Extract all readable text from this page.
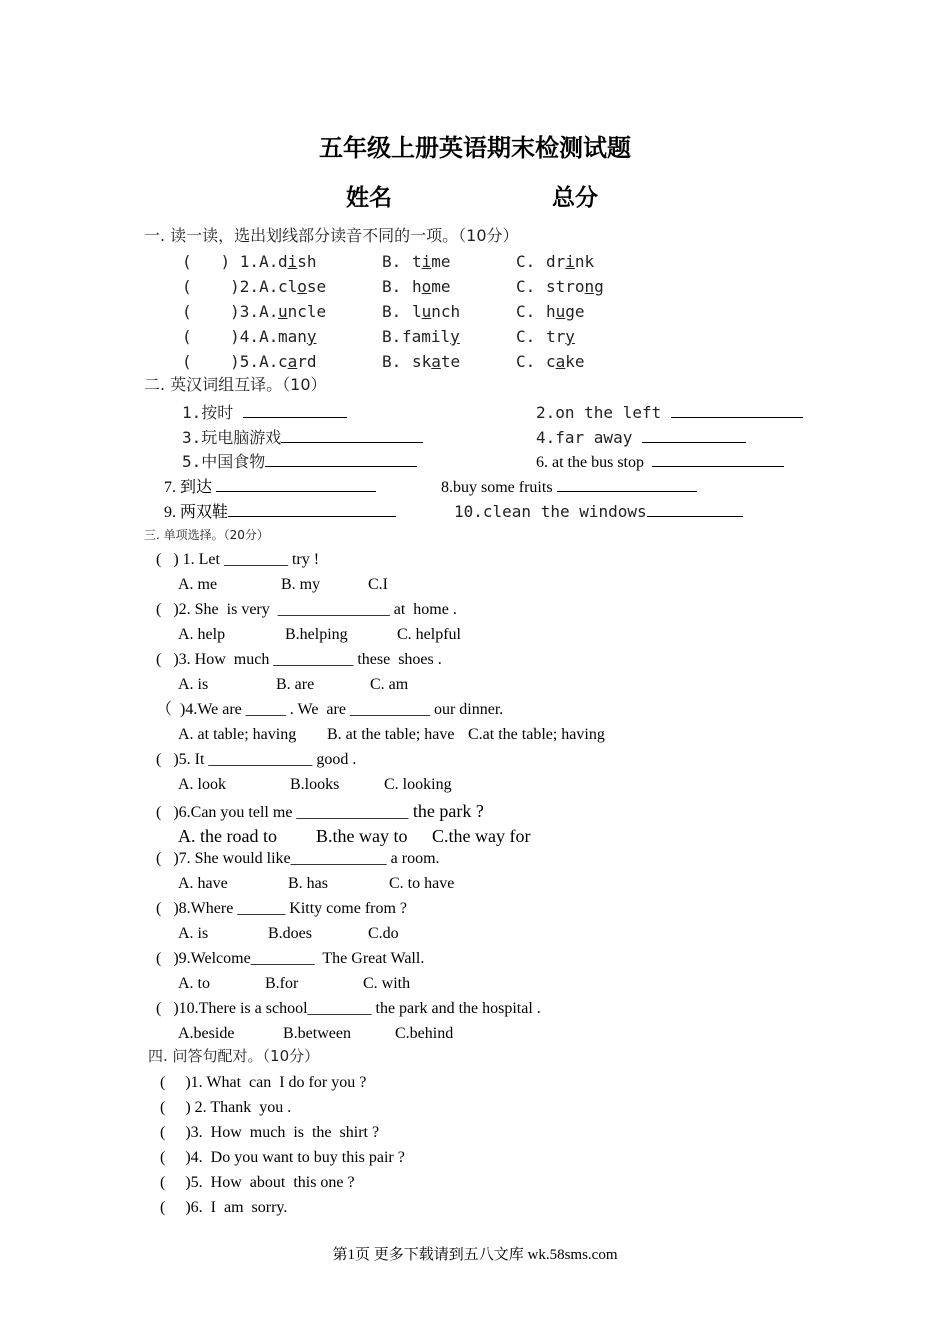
五年级上册英语期末检测试题
姓名	总分
一. 读一读，选出划线部分读音不同的一项。（10分）
(   ) 1.A. dish	B. time	C. drink
(    )2.A. close	B. home	C. strong
(    )3.A. uncle	B. lunch	C. huge
(    )4.A. many	B. family	C. try
(    )5.A. card	B. skate	C. cake
二. 英汉词组互译。（10）
1.按时	2.on the left
3.玩电脑游戏	4.far away
5.中国食物	6. at the bus stop
7. 到达	8.buy some fruits
9. 两双鞋	10.clean the windows
三. 单项选择。（20分）
(   ) 1. Let ________ try !
A. me	B. my	C.I
(   )2. She  is very  ______________ at  home .
A. help	B.helping	C. helpful
(   )3. How  much __________ these  shoes .
A. is	B. are	C. am
（  )4.We are _____ . We  are __________ our dinner.
A. at table; having B. at the table; have C.at the table; having
(   )5. It _____________ good .
A. look	B.looks	C. looking
(   )6.Can you tell me ______________ the park ?
A. the road to B.the way to C.the way for
(   )7. She would like____________ a room.
A. have	B. has	C. to have
(   )8.Where ______ Kitty come from ?
A. is	B.does	C.do
(   )9.Welcome________  The Great Wall.
A. to	B.for	C. with
(   )10.There is a school________ the park and the hospital .
A.beside	B.between	C.behind
四. 问答句配对。（10分）
(     )1. What  can  I do for you ?
(     ) 2. Thank  you .
(     )3.  How  much  is  the  shirt ?
(     )4.  Do you want to buy this pair ?
(     )5.  How  about  this one ?
(     )6.  I  am  sorry.
第1页 更多下载请到五八文库 wk.58sms.com
